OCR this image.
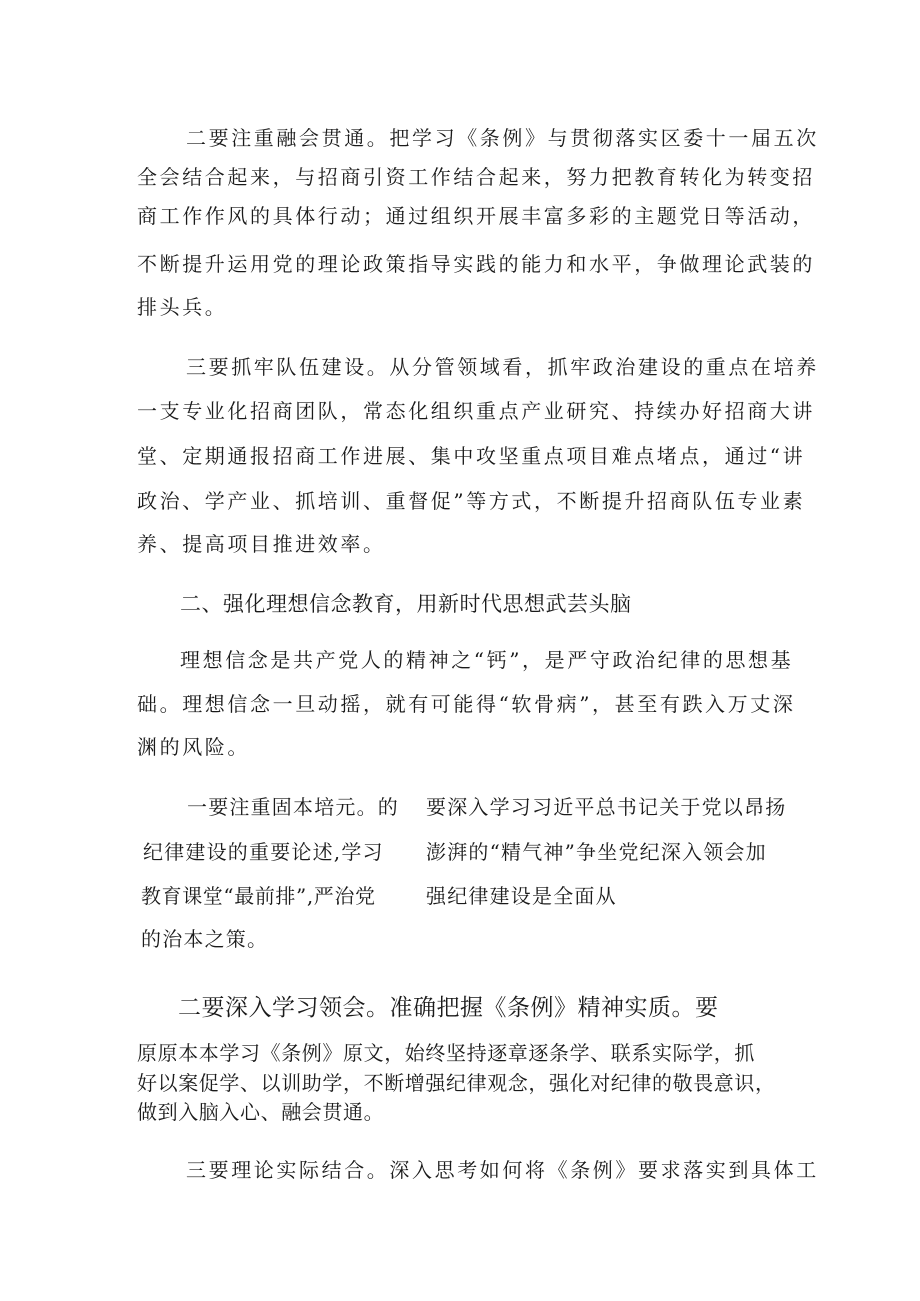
二要注重融会贯通。把学习《条例》与贯彻落实区委十一届五次
全会结合起来，与招商引资工作结合起来，努力把教育转化为转变招
商工作作风的具体行动；通过组织开展丰富多彩的主题党日等活动，
不断提升运用党的理论政策指导实践的能力和水平，争做理论武装的
排头兵。
三要抓牢队伍建设。从分管领域看，抓牢政治建设的重点在培养
一支专业化招商团队，常态化组织重点产业研究、持续办好招商大讲
堂、定期通报招商工作进展、集中攻坚重点项目难点堵点，通过“讲
政治、学产业、抓培训、重督促”等方式，不断提升招商队伍专业素
养、提高项目推进效率。
二、强化理想信念教育，用新时代思想武芸头脑
理想信念是共产党人的精神之“钙”，是严守政治纪律的思想基
础。理想信念一旦动摇，就有可能得“软骨病”，甚至有跌入万丈深
渊的风险。
一要注重固本培元。的
纪律建设的重要论述,学习
教育课堂“最前排”,严治党
的治本之策。
要深入学习习近平总书记关于党以昂扬
澎湃的“精气神”争坐党纪深入领会加
强纪律建设是全面从
二要深入学习领会。准确把握《条例》精神实质。要
原原本本学习《条例》原文，始终坚持逐章逐条学、联系实际学，抓
好以案促学、以训助学，不断增强纪律观念，强化对纪律的敬畏意识，
做到入脑入心、融会贯通。
三要理论实际结合。深入思考如何将《条例》要求落实到具体工
